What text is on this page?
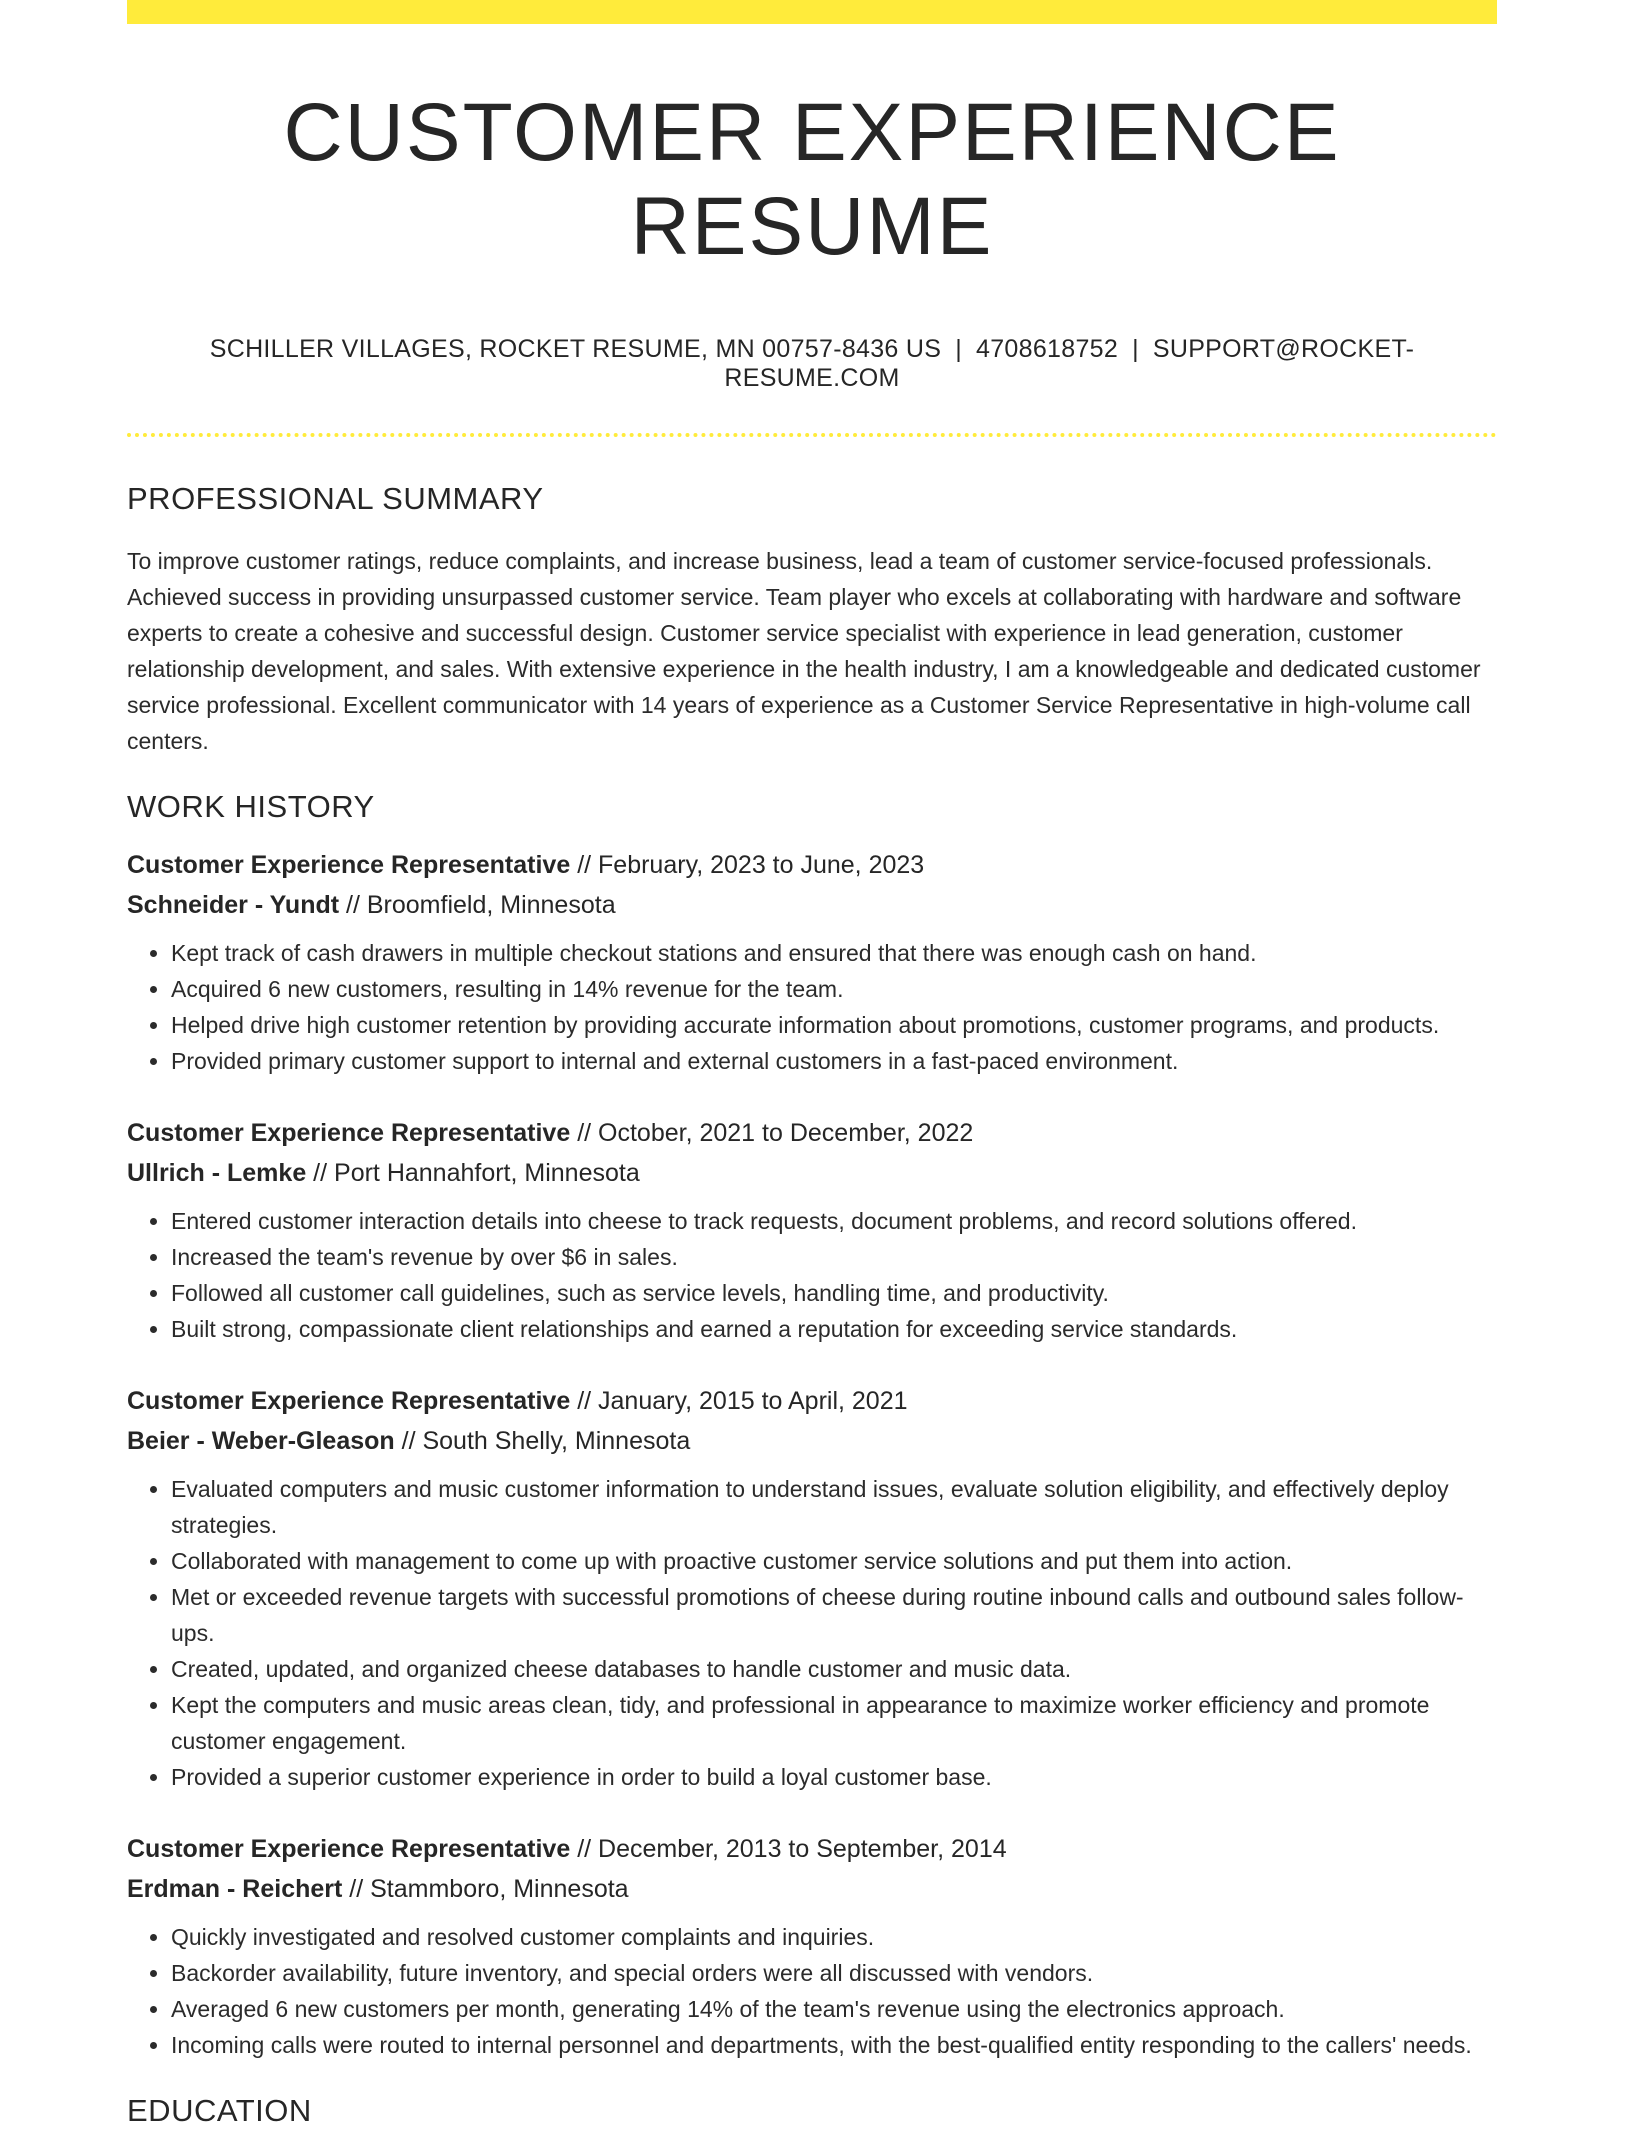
CUSTOMER EXPERIENCE RESUME
SCHILLER VILLAGES, ROCKET RESUME, MN 00757-8436 US | 4708618752 | SUPPORT@ROCKET-RESUME.COM
PROFESSIONAL SUMMARY

To improve customer ratings, reduce complaints, and increase business, lead a team of customer service-focused professionals. Achieved success in providing unsurpassed customer service. Team player who excels at collaborating with hardware and software experts to create a cohesive and successful design. Customer service specialist with experience in lead generation, customer relationship development, and sales. With extensive experience in the health industry, I am a knowledgeable and dedicated customer service professional. Excellent communicator with 14 years of experience as a Customer Service Representative in high-volume call centers.

WORK HISTORY
Customer Experience Representative // February, 2023 to June, 2023
Schneider - Yundt // Broomfield, Minnesota
• Kept track of cash drawers in multiple checkout stations and ensured that there was enough cash on hand.
• Acquired 6 new customers, resulting in 14% revenue for the team.
• Helped drive high customer retention by providing accurate information about promotions, customer programs, and products.
• Provided primary customer support to internal and external customers in a fast-paced environment.
Customer Experience Representative // October, 2021 to December, 2022
Ullrich - Lemke // Port Hannahfort, Minnesota
• Entered customer interaction details into cheese to track requests, document problems, and record solutions offered.
• Increased the team's revenue by over $6 in sales.
• Followed all customer call guidelines, such as service levels, handling time, and productivity.
• Built strong, compassionate client relationships and earned a reputation for exceeding service standards.
Customer Experience Representative // January, 2015 to April, 2021
Beier - Weber-Gleason // South Shelly, Minnesota
• Evaluated computers and music customer information to understand issues, evaluate solution eligibility, and effectively deploy strategies.
• Collaborated with management to come up with proactive customer service solutions and put them into action.
• Met or exceeded revenue targets with successful promotions of cheese during routine inbound calls and outbound sales follow-ups.
• Created, updated, and organized cheese databases to handle customer and music data.
• Kept the computers and music areas clean, tidy, and professional in appearance to maximize worker efficiency and promote customer engagement.
• Provided a superior customer experience in order to build a loyal customer base.
Customer Experience Representative // December, 2013 to September, 2014
Erdman - Reichert // Stammboro, Minnesota
• Quickly investigated and resolved customer complaints and inquiries.
• Backorder availability, future inventory, and special orders were all discussed with vendors.
• Averaged 6 new customers per month, generating 14% of the team's revenue using the electronics approach.
• Incoming calls were routed to internal personnel and departments, with the best-qualified entity responding to the callers' needs.
EDUCATION
